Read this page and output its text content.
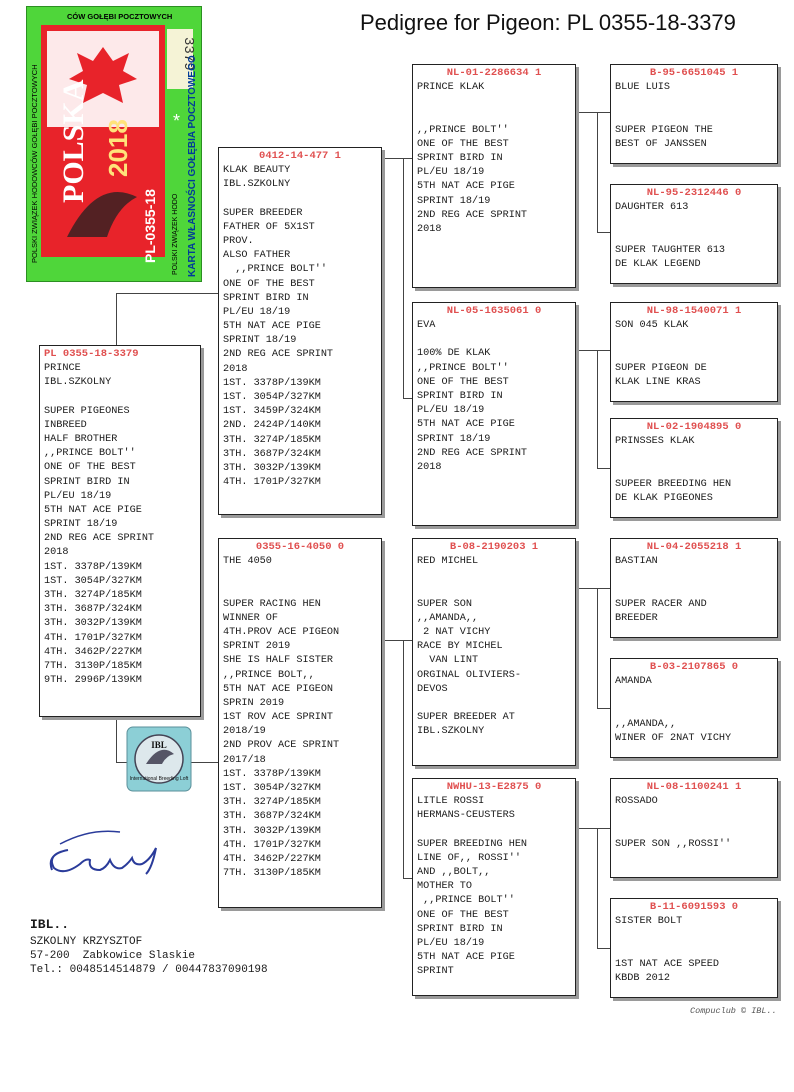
Pedigree for Pigeon: PL 0355-18-3379
POLSKA 2018
PL-0355-18
3379
*
POLSKI ZWIĄZEK HODOWCÓW GOŁĘBI POCZTOWYCH
CÓW GOŁĘBI POCZTOWYCH
KARTA WŁASNOŚCI GOŁĘBIA POCZTOWEGO
POLSKI ZWIĄZEK HODO
PL 0355-18-3379
PRINCE
IBL.SZKOLNY
SUPER PIGEONES
INBREED
HALF BROTHER
,,PRINCE BOLT''
ONE OF THE BEST
SPRINT BIRD IN
PL/EU 18/19
5TH NAT ACE PIGE
SPRINT 18/19
2ND REG ACE SPRINT
2018
1ST. 3378P/139KM
1ST. 3054P/327KM
3TH. 3274P/185KM
3TH. 3687P/324KM
3TH. 3032P/139KM
4TH. 1701P/327KM
4TH. 3462P/227KM
7TH. 3130P/185KM
9TH. 2996P/139KM
0412-14-477 1
KLAK BEAUTY
IBL.SZKOLNY
SUPER BREEDER
FATHER OF 5X1ST
PROV.
ALSO FATHER
,,PRINCE BOLT''
ONE OF THE BEST
SPRINT BIRD IN
PL/EU 18/19
5TH NAT ACE PIGE
SPRINT 18/19
2ND REG ACE SPRINT
2018
1ST. 3378P/139KM
1ST. 3054P/327KM
1ST. 3459P/324KM
2ND. 2424P/140KM
3TH. 3274P/185KM
3TH. 3687P/324KM
3TH. 3032P/139KM
4TH. 1701P/327KM
0355-16-4050 0
THE 4050
SUPER RACING HEN
WINNER OF
4TH.PROV ACE PIGEON
SPRINT 2019
SHE IS HALF SISTER
,,PRINCE BOLT,,
5TH NAT ACE PIGEON
SPRIN 2019
1ST ROV ACE SPRINT
2018/19
2ND PROV ACE SPRINT
2017/18
1ST. 3378P/139KM
1ST. 3054P/327KM
3TH. 3274P/185KM
3TH. 3687P/324KM
3TH. 3032P/139KM
4TH. 1701P/327KM
4TH. 3462P/227KM
7TH. 3130P/185KM
NL-01-2286634 1
PRINCE KLAK
,,PRINCE BOLT''
ONE OF THE BEST
SPRINT BIRD IN
PL/EU 18/19
5TH NAT ACE PIGE
SPRINT 18/19
2ND REG ACE SPRINT
2018
NL-05-1635061 0
EVA
100% DE KLAK
,,PRINCE BOLT''
ONE OF THE BEST
SPRINT BIRD IN
PL/EU 18/19
5TH NAT ACE PIGE
SPRINT 18/19
2ND REG ACE SPRINT
2018
B-08-2190203 1
RED MICHEL
SUPER SON
,,AMANDA,,
2 NAT VICHY
RACE BY MICHEL
VAN LINT
ORGINAL OLIVIERS-
DEVOS
SUPER BREEDER AT
IBL.SZKOLNY
NWHU-13-E2875 0
LITLE ROSSI
HERMANS-CEUSTERS
SUPER BREEDING HEN
LINE OF,, ROSSI''
AND ,,BOLT,,
MOTHER TO
,,PRINCE BOLT''
ONE OF THE BEST
SPRINT BIRD IN
PL/EU 18/19
5TH NAT ACE PIGE
SPRINT
B-95-6651045 1
BLUE LUIS
SUPER PIGEON THE
BEST OF JANSSEN
NL-95-2312446 0
DAUGHTER 613
SUPER TAUGHTER 613
DE KLAK LEGEND
NL-98-1540071 1
SON 045 KLAK
SUPER PIGEON DE
KLAK LINE KRAS
NL-02-1904895 0
PRINSSES KLAK
SUPEER BREEDING HEN
DE KLAK PIGEONES
NL-04-2055218 1
BASTIAN
SUPER RACER AND
BREEDER
B-03-2107865 0
AMANDA
,,AMANDA,,
WINER OF 2NAT VICHY
NL-08-1100241 1
ROSSADO
SUPER SON ,,ROSSI''
B-11-6091593 0
SISTER BOLT
1ST NAT ACE SPEED
KBDB 2012
IBL
International Breeding Loft
IBL..
SZKOLNY KRZYSZTOF
57-200  Zabkowice Slaskie
Tel.: 0048514514879 / 00447837090198
Compuclub © IBL..
